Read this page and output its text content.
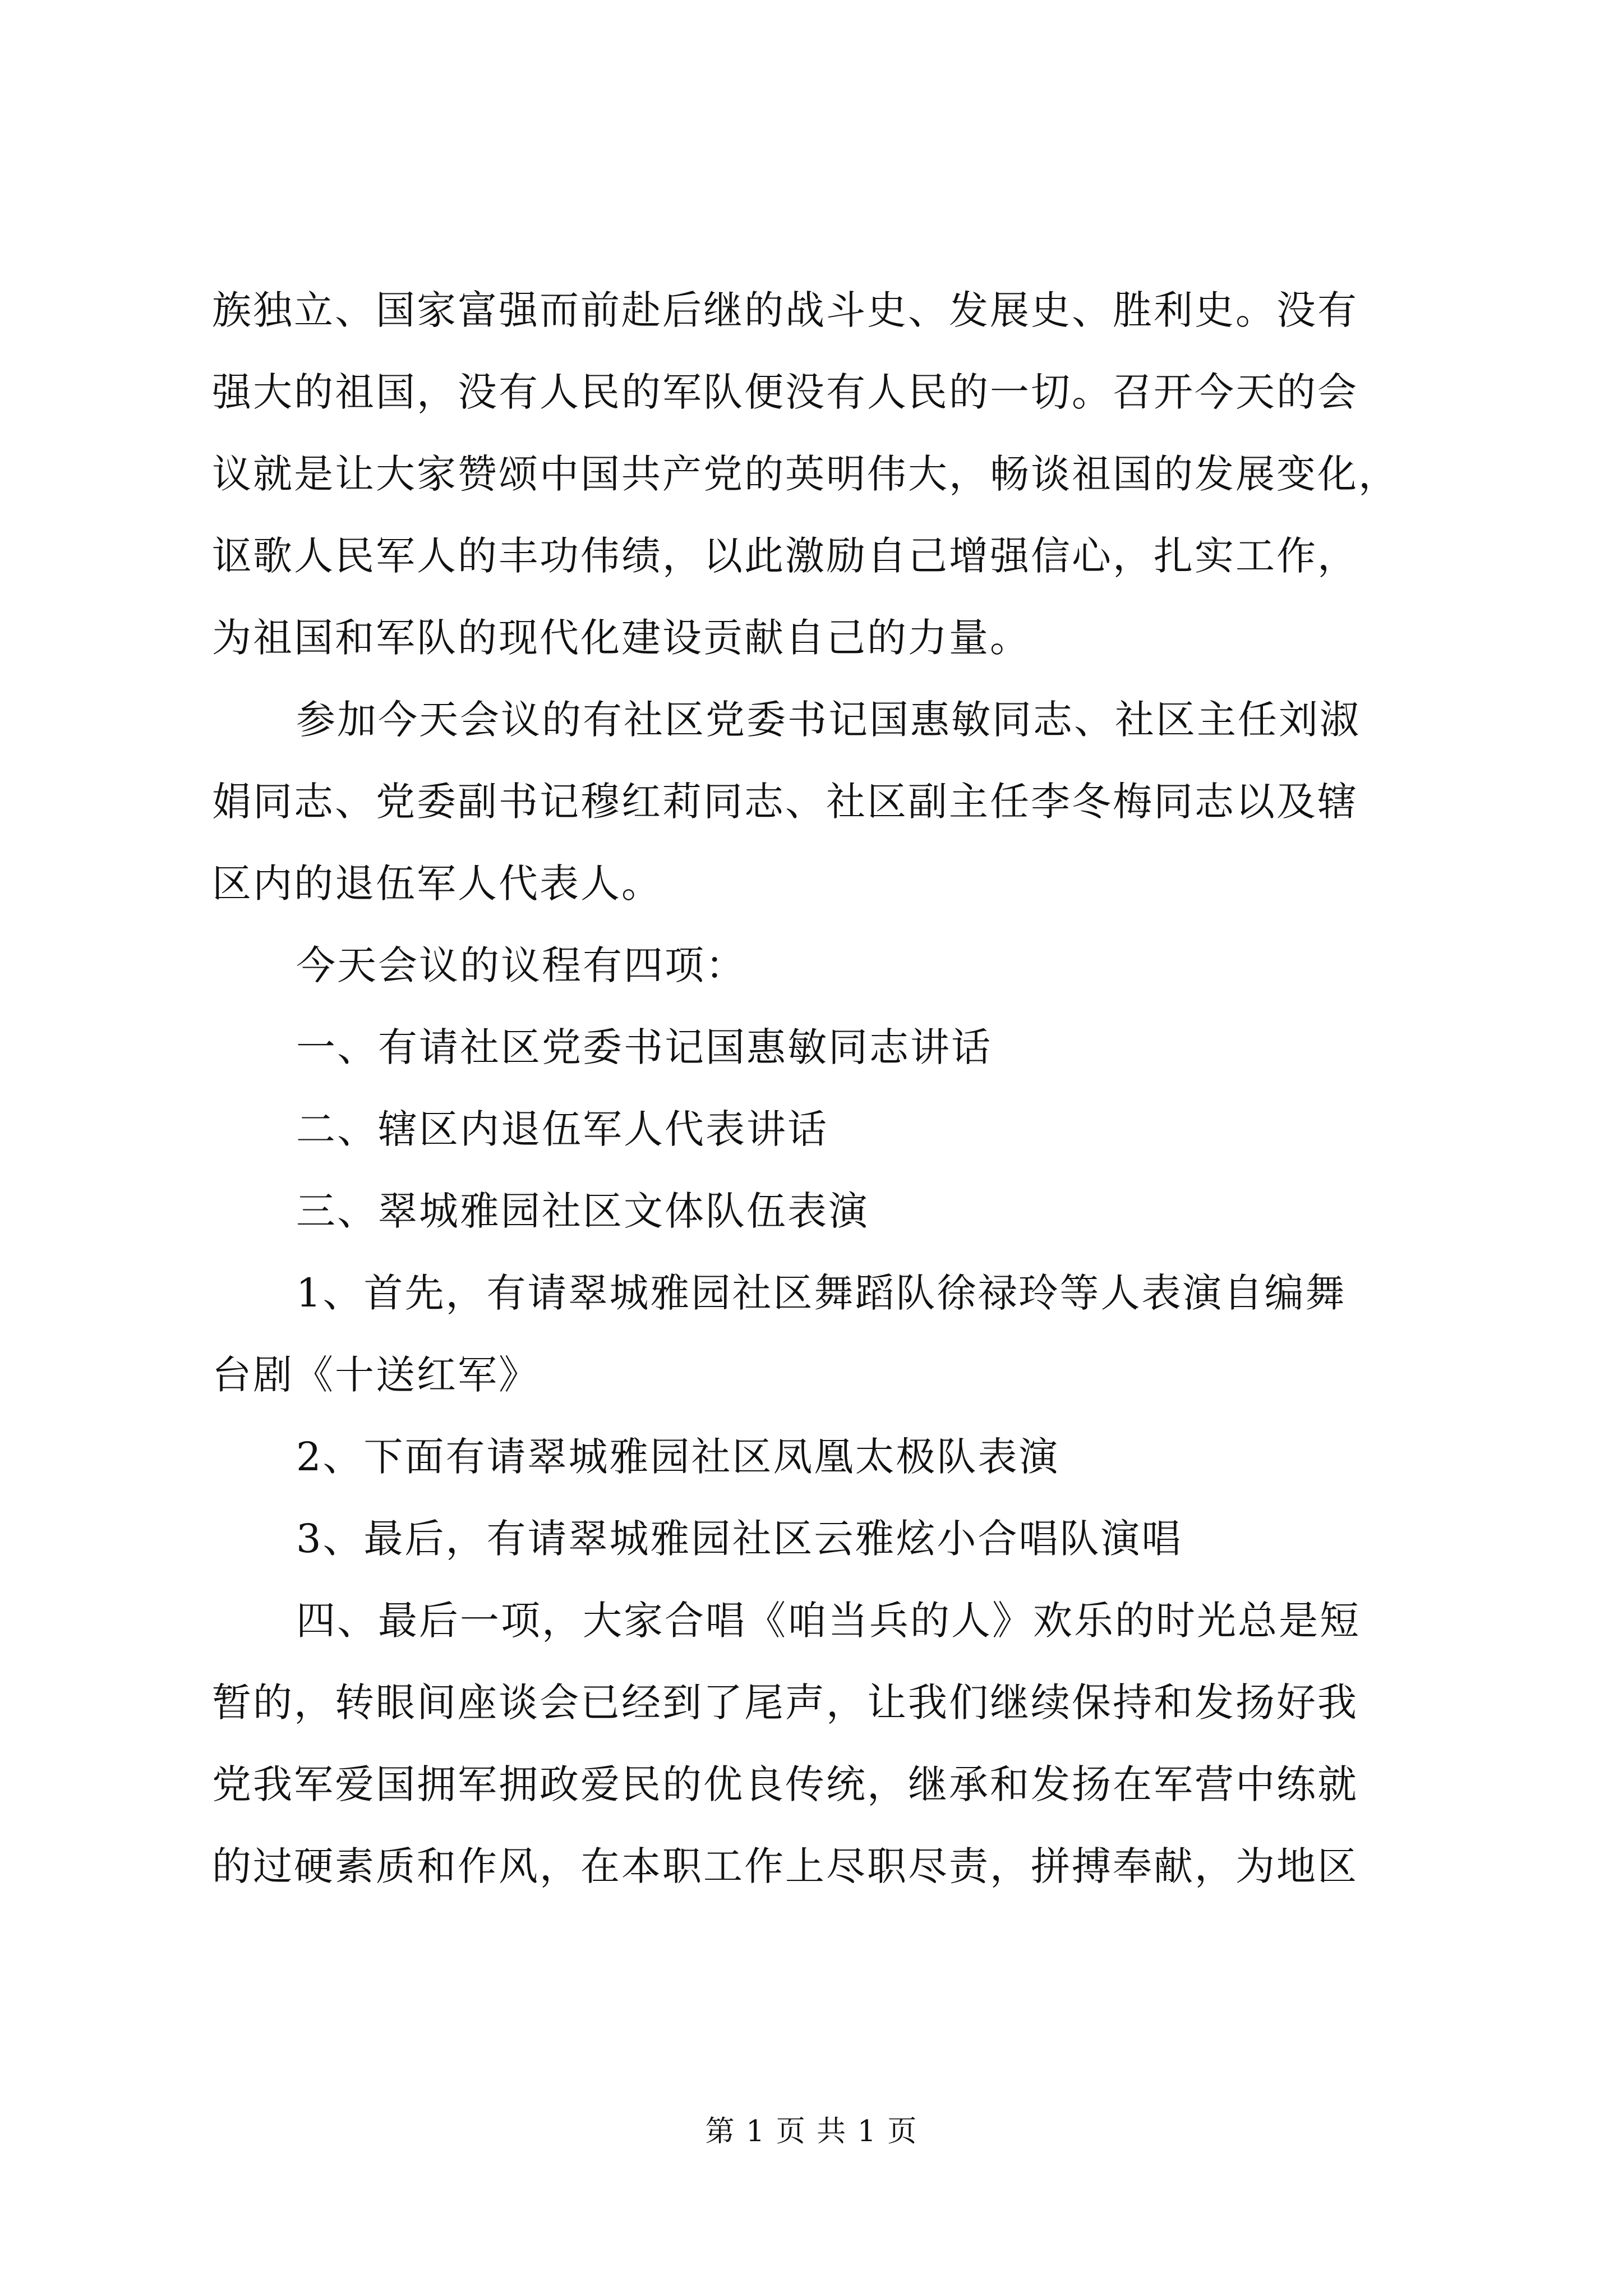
族独立、国家富强而前赴后继的战斗史、发展史、胜利史。没有
强大的祖国，没有人民的军队便没有人民的一切。召开今天的会
议就是让大家赞颂中国共产党的英明伟大，畅谈祖国的发展变化，
讴歌人民军人的丰功伟绩，以此激励自己增强信心，扎实工作，
为祖国和军队的现代化建设贡献自己的力量。
参加今天会议的有社区党委书记国惠敏同志、社区主任刘淑
娟同志、党委副书记穆红莉同志、社区副主任李冬梅同志以及辖
区内的退伍军人代表人。
今天会议的议程有四项：
一、有请社区党委书记国惠敏同志讲话
二、辖区内退伍军人代表讲话
三、翠城雅园社区文体队伍表演
1、首先，有请翠城雅园社区舞蹈队徐禄玲等人表演自编舞
台剧《十送红军》
2、下面有请翠城雅园社区凤凰太极队表演
3、最后，有请翠城雅园社区云雅炫小合唱队演唱
四、最后一项，大家合唱《咱当兵的人》欢乐的时光总是短
暂的，转眼间座谈会已经到了尾声，让我们继续保持和发扬好我
党我军爱国拥军拥政爱民的优良传统，继承和发扬在军营中练就
的过硬素质和作风，在本职工作上尽职尽责，拼搏奉献，为地区
第 1 页 共 1 页
